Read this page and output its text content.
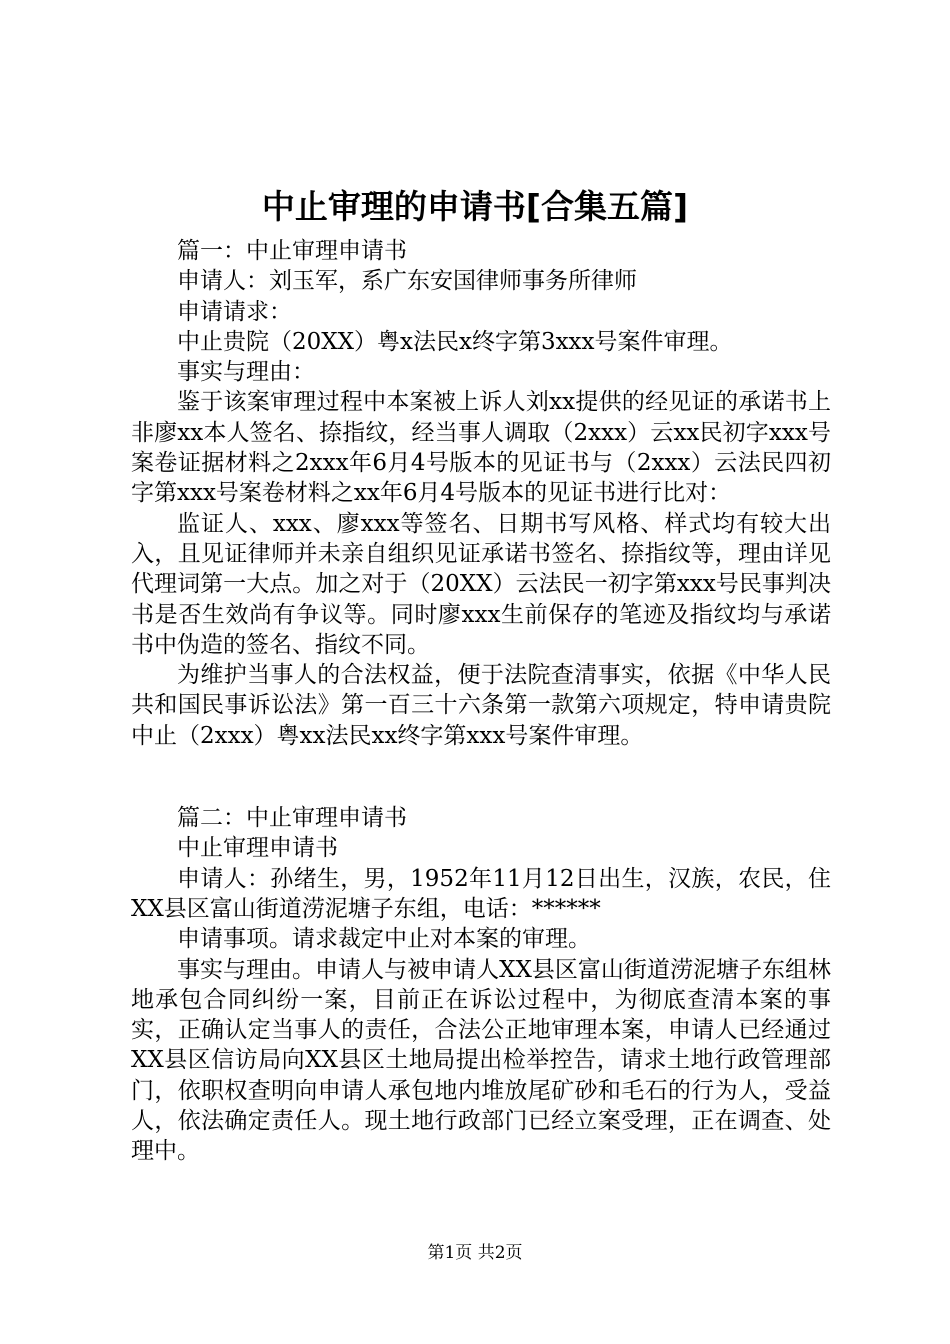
中止审理的申请书[合集五篇]

篇一：中止审理申请书

申请人：刘玉军，系广东安国律师事务所律师

申请请求：

中止贵院（20XX）粤x法民x终字第3xxx号案件审理。

事实与理由：

鉴于该案审理过程中本案被上诉人刘xx提供的经见证的承诺书上非廖xx本人签名、捺指纹，经当事人调取（2xxx）云xx民初字xxx号案卷证据材料之2xxx年6月4号版本的见证书与（2xxx）云法民四初字第xxx号案卷材料之xx年6月4号版本的见证书进行比对：

监证人、xxx、廖xxx等签名、日期书写风格、样式均有较大出入，且见证律师并未亲自组织见证承诺书签名、捺指纹等，理由详见代理词第一大点。加之对于（20XX）云法民一初字第xxx号民事判决书是否生效尚有争议等。同时廖xxx生前保存的笔迹及指纹均与承诺书中伪造的签名、指纹不同。

为维护当事人的合法权益，便于法院查清事实，依据《中华人民共和国民事诉讼法》第一百三十六条第一款第六项规定，特申请贵院中止（2xxx）粤xx法民xx终字第xxx号案件审理。

篇二：中止审理申请书

中止审理申请书

申请人：孙绪生，男，1952年11月12日出生，汉族，农民，住XX县区富山街道涝泥塘子东组，电话：******

申请事项。请求裁定中止对本案的审理。

事实与理由。申请人与被申请人XX县区富山街道涝泥塘子东组林地承包合同纠纷一案，目前正在诉讼过程中，为彻底查清本案的事实，正确认定当事人的责任，合法公正地审理本案，申请人已经通过XX县区信访局向XX县区土地局提出检举控告，请求土地行政管理部门，依职权查明向申请人承包地内堆放尾矿砂和毛石的行为人，受益人，依法确定责任人。现土地行政部门已经立案受理，正在调查、处理中。

第1页 共2页
